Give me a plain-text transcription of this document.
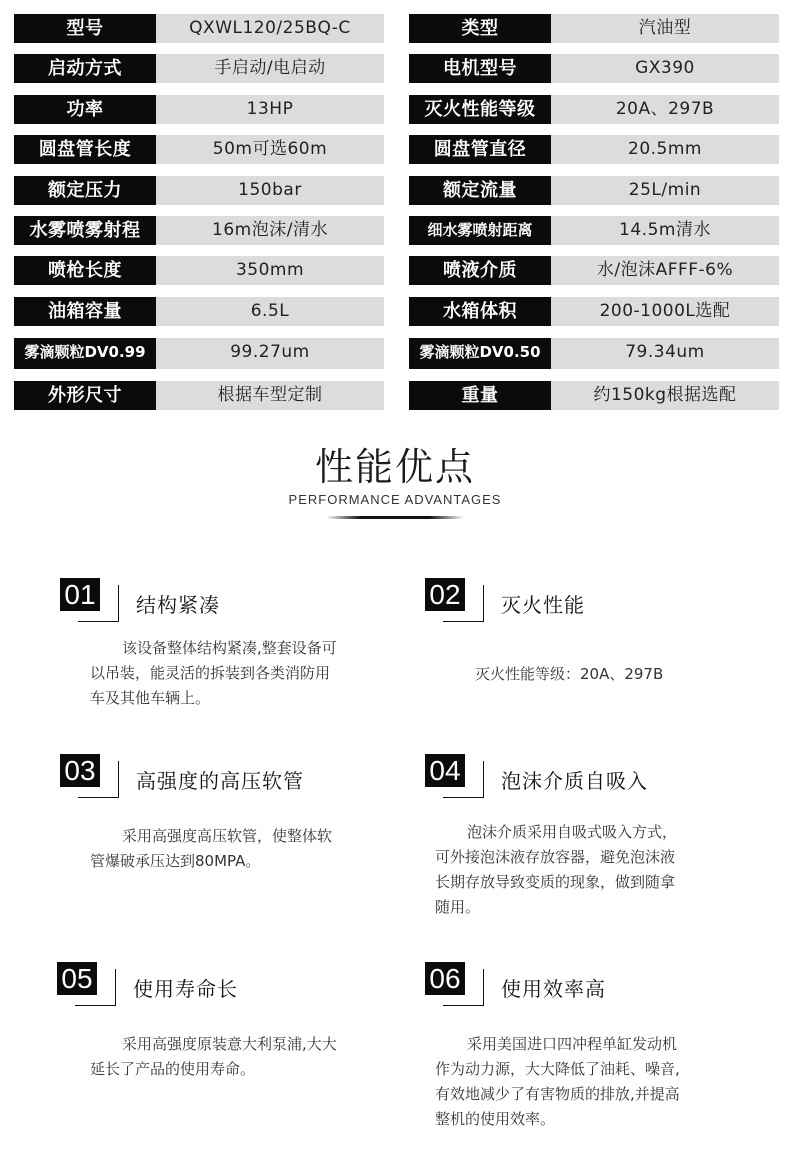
型号	QXWL120/25BQ-C
启动方式	手启动/电启动
功率	13HP
圆盘管长度	50m可选60m
额定压力	150bar
水雾喷雾射程	16m泡沫/清水
喷枪长度	350mm
油箱容量	6.5L
雾滴颗粒DV0.99	99.27um
外形尺寸	根据车型定制
类型	汽油型
电机型号	GX390
灭火性能等级	20A、297B
圆盘管直径	20.5mm
额定流量	25L/min
细水雾喷射距离	14.5m清水
喷液介质	水/泡沫AFFF-6%
水箱体积	200-1000L选配
雾滴颗粒DV0.50	79.34um
重量	约150kg根据选配
性能优点
PERFORMANCE ADVANTAGES
01 结构紧凑
该设备整体结构紧凑,整套设备可
以吊装，能灵活的拆装到各类消防用
车及其他车辆上。
02 灭火性能
灭火性能等级：20A、297B
03 高强度的高压软管
采用高强度高压软管，使整体软
管爆破承压达到80MPA。
04 泡沫介质自吸入
泡沫介质采用自吸式吸入方式，
可外接泡沫液存放容器，避免泡沫液
长期存放导致变质的现象，做到随拿
随用。
05 使用寿命长
采用高强度原装意大利泵浦,大大
延长了产品的使用寿命。
06 使用效率高
采用美国进口四冲程单缸发动机
作为动力源，大大降低了油耗、噪音,
有效地减少了有害物质的排放,并提高
整机的使用效率。
